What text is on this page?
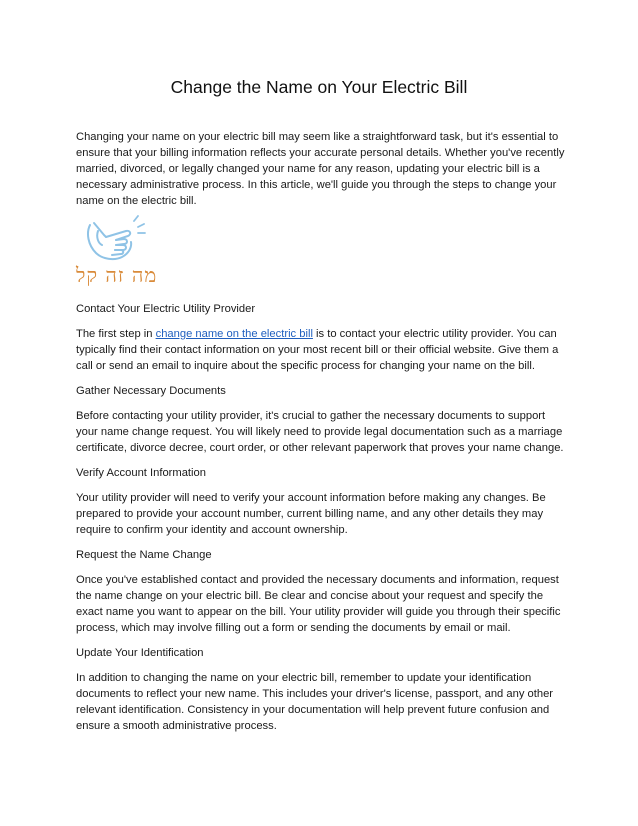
Change the Name on Your Electric Bill

Changing your name on your electric bill may seem like a straightforward task, but it's essential to ensure that your billing information reflects your accurate personal details. Whether you've recently married, divorced, or legally changed your name for any reason, updating your electric bill is a necessary administrative process. In this article, we'll guide you through the steps to change your name on the electric bill.

מה זה קל

Contact Your Electric Utility Provider

The first step in change name on the electric bill is to contact your electric utility provider. You can typically find their contact information on your most recent bill or their official website. Give them a call or send an email to inquire about the specific process for changing your name on the bill.

Gather Necessary Documents

Before contacting your utility provider, it's crucial to gather the necessary documents to support your name change request. You will likely need to provide legal documentation such as a marriage certificate, divorce decree, court order, or other relevant paperwork that proves your name change.

Verify Account Information

Your utility provider will need to verify your account information before making any changes. Be prepared to provide your account number, current billing name, and any other details they may require to confirm your identity and account ownership.

Request the Name Change

Once you've established contact and provided the necessary documents and information, request the name change on your electric bill. Be clear and concise about your request and specify the exact name you want to appear on the bill. Your utility provider will guide you through their specific process, which may involve filling out a form or sending the documents by email or mail.

Update Your Identification

In addition to changing the name on your electric bill, remember to update your identification documents to reflect your new name. This includes your driver's license, passport, and any other relevant identification. Consistency in your documentation will help prevent future confusion and ensure a smooth administrative process.
